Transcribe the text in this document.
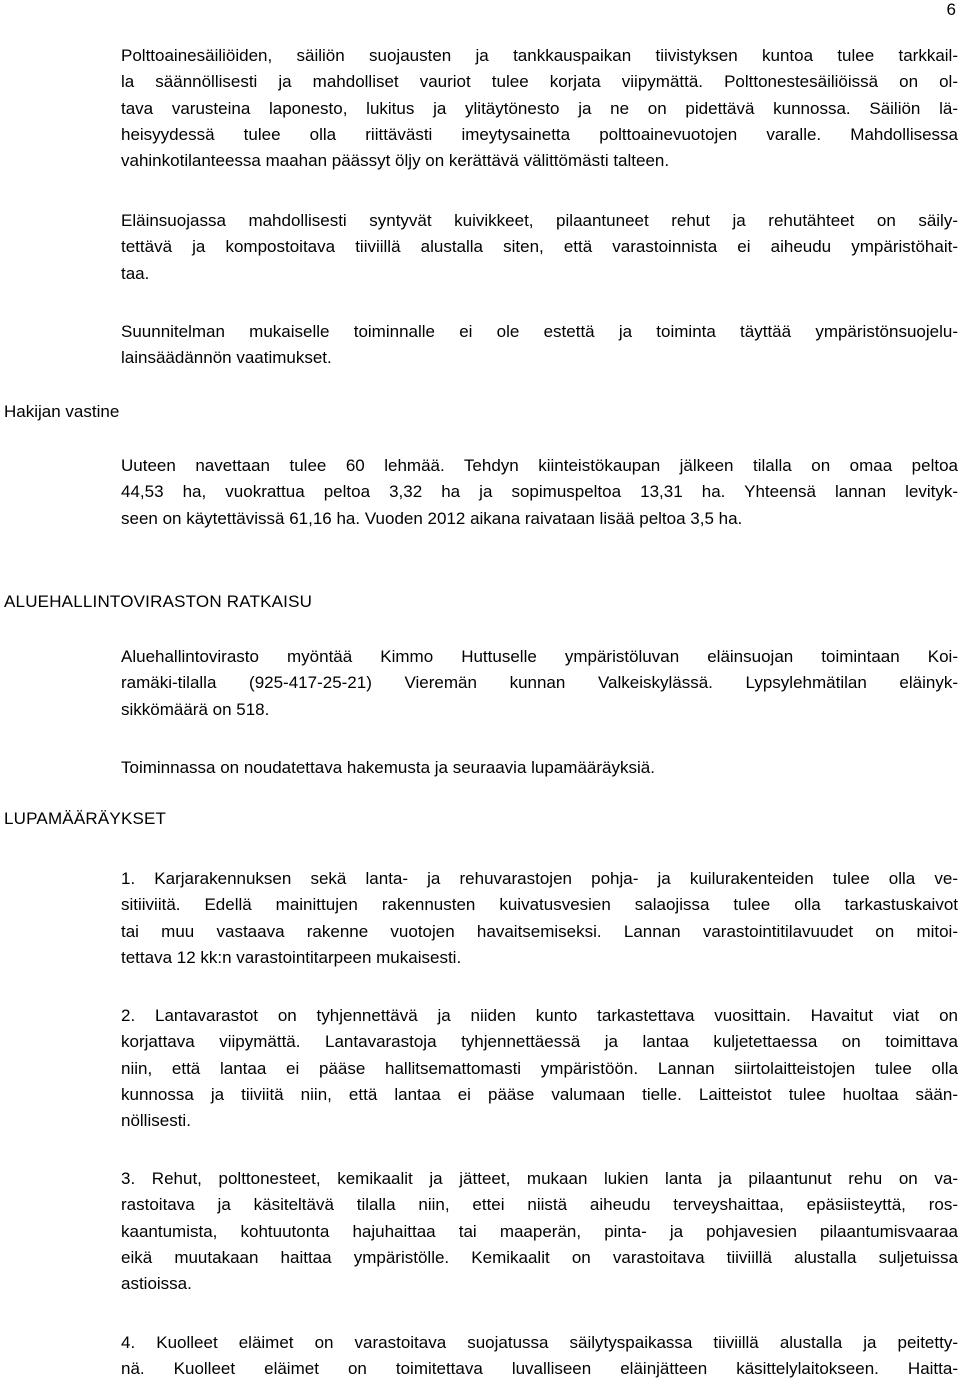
6
Polttoainesäiliöiden, säiliön suojausten ja tankkauspaikan tiivistyksen kuntoa tulee tarkkail-
la säännöllisesti ja mahdolliset vauriot tulee korjata viipymättä. Polttonestesäiliöissä on ol-
tava varusteina laponesto, lukitus ja ylitäytönesto ja ne on pidettävä kunnossa. Säiliön lä-
heisyydessä tulee olla riittävästi imeytysainetta polttoainevuotojen varalle. Mahdollisessa
vahinkotilanteessa maahan päässyt öljy on kerättävä välittömästi talteen.
Eläinsuojassa mahdollisesti syntyvät kuivikkeet, pilaantuneet rehut ja rehutähteet on säily-
tettävä ja kompostoitava tiiviillä alustalla siten, että varastoinnista ei aiheudu ympäristöhait-
taa.
Suunnitelman mukaiselle toiminnalle ei ole estettä ja toiminta täyttää ympäristönsuojelu-
lainsäädännön vaatimukset.
Hakijan vastine
Uuteen navettaan tulee 60 lehmää. Tehdyn kiinteistökaupan jälkeen tilalla on omaa peltoa
44,53 ha, vuokrattua peltoa 3,32 ha ja sopimuspeltoa 13,31 ha. Yhteensä lannan levityk-
seen on käytettävissä 61,16 ha. Vuoden 2012 aikana raivataan lisää peltoa 3,5 ha.
ALUEHALLINTOVIRASTON RATKAISU
Aluehallintovirasto myöntää Kimmo Huttuselle ympäristöluvan eläinsuojan toimintaan Koi-
ramäki-tilalla (925-417-25-21) Vieremän kunnan Valkeiskylässä. Lypsylehmätilan eläinyk-
sikkömäärä on 518.
Toiminnassa on noudatettava hakemusta ja seuraavia lupamääräyksiä.
LUPAMÄÄRÄYKSET
1. Karjarakennuksen sekä lanta- ja rehuvarastojen pohja- ja kuilurakenteiden tulee olla ve-
sitiiviitä. Edellä mainittujen rakennusten kuivatusvesien salaojissa tulee olla tarkastuskaivot
tai muu vastaava rakenne vuotojen havaitsemiseksi. Lannan varastointitilavuudet on mitoi-
tettava 12 kk:n varastointitarpeen mukaisesti.
2. Lantavarastot on tyhjennettävä ja niiden kunto tarkastettava vuosittain. Havaitut viat on
korjattava viipymättä. Lantavarastoja tyhjennettäessä ja lantaa kuljetettaessa on toimittava
niin, että lantaa ei pääse hallitsemattomasti ympäristöön. Lannan siirtolaitteistojen tulee olla
kunnossa ja tiiviitä niin, että lantaa ei pääse valumaan tielle. Laitteistot tulee huoltaa sään-
nöllisesti.
3. Rehut, polttonesteet, kemikaalit ja jätteet, mukaan lukien lanta ja pilaantunut rehu on va-
rastoitava ja käsiteltävä tilalla niin, ettei niistä aiheudu terveyshaittaa, epäsiisteyttä, ros-
kaantumista, kohtuutonta hajuhaittaa tai maaperän, pinta- ja pohjavesien pilaantumisvaaraa
eikä muutakaan haittaa ympäristölle. Kemikaalit on varastoitava tiiviillä alustalla suljetuissa
astioissa.
4. Kuolleet eläimet on varastoitava suojatussa säilytyspaikassa tiiviillä alustalla ja peitetty-
nä. Kuolleet eläimet on toimitettava luvalliseen eläinjätteen käsittelylaitokseen. Haitta-
